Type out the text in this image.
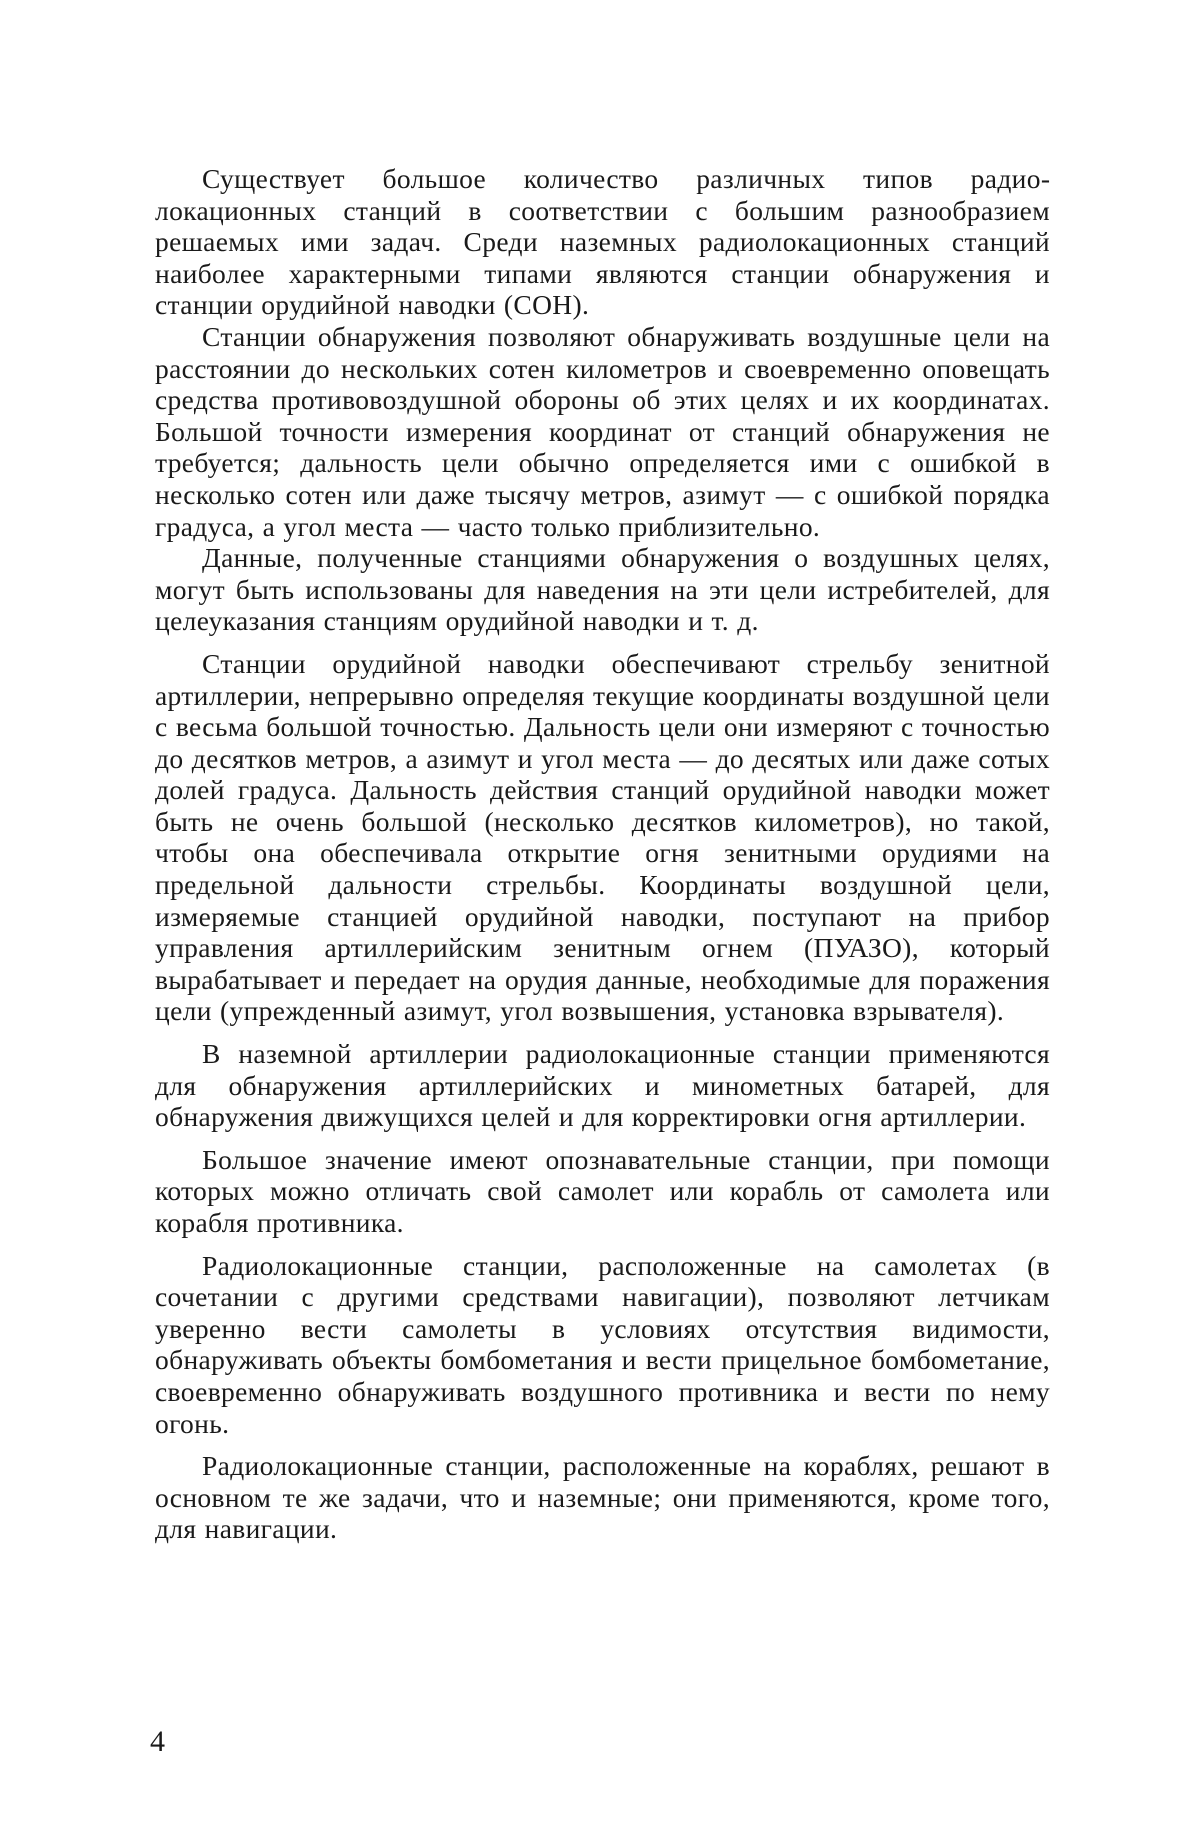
Существует большое количество различных типов радиолокационных станций в соответствии с большим разнообразием решаемых ими задач. Среди наземных радиолокационных станций наиболее характерными типами являются станции обнаружения и станции орудийной наводки (СОН).

Станции обнаружения позволяют обнаруживать воздушные цели на расстоянии до нескольких сотен километров и своевременно оповещать средства противовоздушной обороны об этих целях и их координатах. Большой точности измерения координат от станций обнаружения не требуется; дальность цели обычно определяется ими с ошибкой в несколько сотен или даже тысячу метров, азимут — с ошибкой порядка градуса, а угол места — часто только приблизительно.

Данные, полученные станциями обнаружения о воздушных целях, могут быть использованы для наведения на эти цели истребителей, для целеуказания станциям орудийной наводки и т. д.

Станции орудийной наводки обеспечивают стрельбу зенитной артиллерии, непрерывно определяя текущие координаты воздушной цели с весьма большой точностью. Дальность цели они измеряют с точностью до десятков метров, а азимут и угол места — до десятых или даже сотых долей градуса. Дальность действия станций орудийной наводки может быть не очень большой (несколько десятков километров), но такой, чтобы она обеспечивала открытие огня зенитными орудиями на предельной дальности стрельбы. Координаты воздушной цели, измеряемые станцией орудийной наводки, поступают на прибор управления артиллерийским зенитным огнем (ПУАЗО), который вырабатывает и передает на орудия данные, необходимые для поражения цели (упрежденный азимут, угол возвышения, установка взрывателя).

В наземной артиллерии радиолокационные станции применяются для обнаружения артиллерийских и минометных батарей, для обнаружения движущихся целей и для корректировки огня артиллерии.

Большое значение имеют опознавательные станции, при помощи которых можно отличать свой самолет или корабль от самолета или корабля противника.

Радиолокационные станции, расположенные на самолетах (в сочетании с другими средствами навигации), позволяют летчикам уверенно вести самолеты в условиях отсутствия видимости, обнаруживать объекты бомбометания и вести прицельное бомбометание, своевременно обнаруживать воздушного противника и вести по нему огонь.

Радиолокационные станции, расположенные на кораблях, решают в основном те же задачи, что и наземные; они применяются, кроме того, для навигации.

4
